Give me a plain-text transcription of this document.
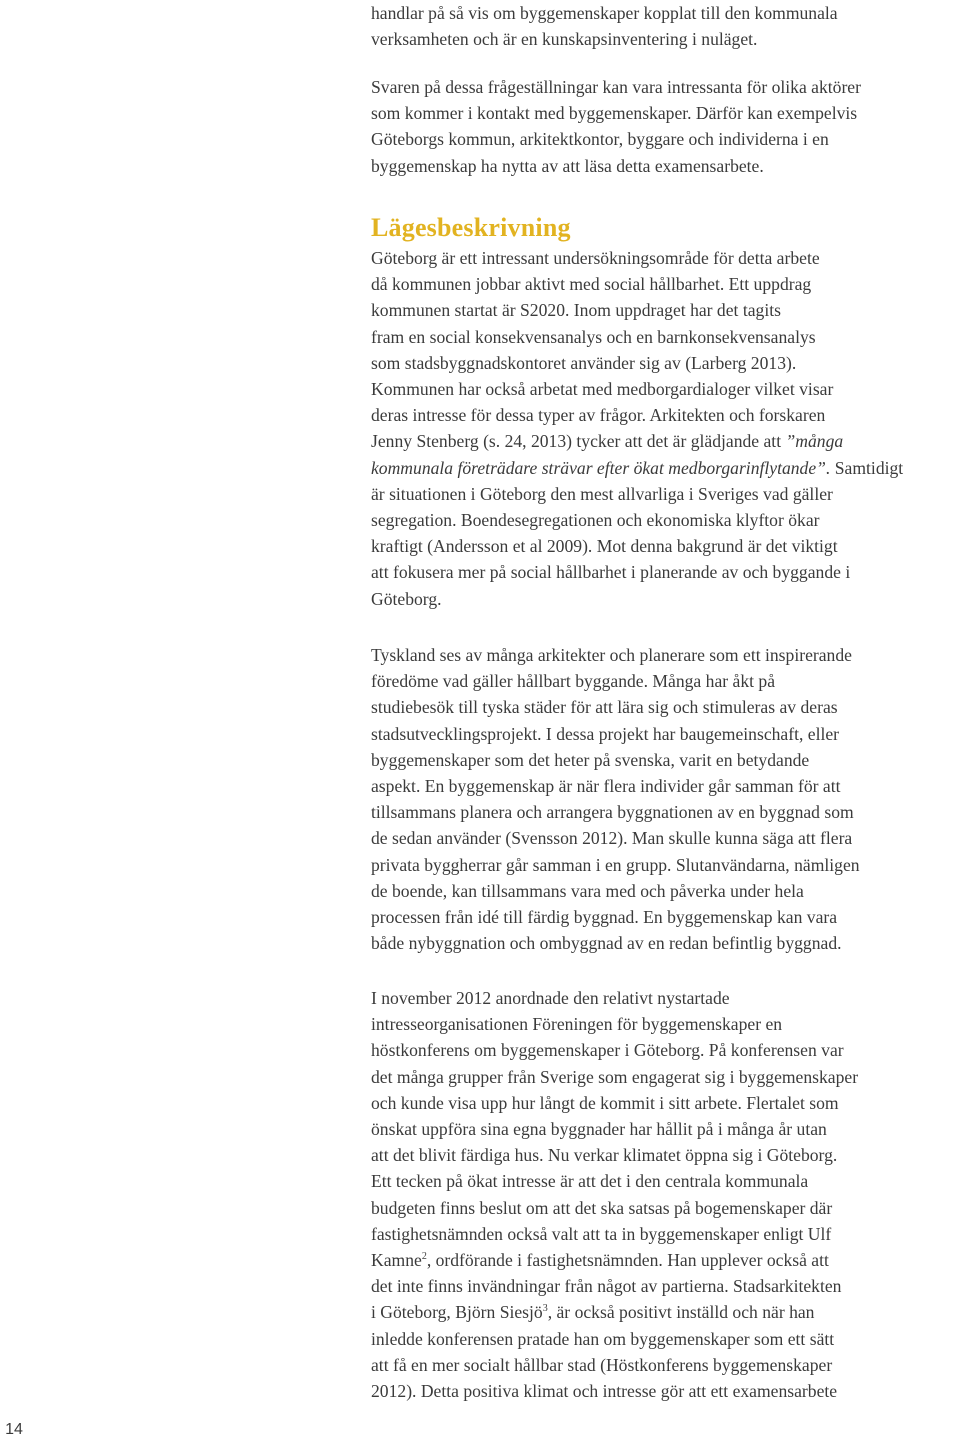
handlar på så vis om byggemenskaper kopplat till den kommunala
verksamheten och är en kunskapsinventering i nuläget.

Svaren på dessa frågeställningar kan vara intressanta för olika aktörer
som kommer i kontakt med byggemenskaper. Därför kan exempelvis
Göteborgs kommun, arkitektkontor, byggare och individerna i en
byggemenskap ha nytta av att läsa detta examensarbete.

Lägesbeskrivning

Göteborg är ett intressant undersökningsområde för detta arbete
då kommunen jobbar aktivt med social hållbarhet. Ett uppdrag
kommunen startat är S2020. Inom uppdraget har det tagits
fram en social konsekvensanalys och en barnkonsekvensanalys
som stadsbyggnadskontoret använder sig av (Larberg 2013).
Kommunen har också arbetat med medborgardialoger vilket visar
deras intresse för dessa typer av frågor. Arkitekten och forskaren
Jenny Stenberg (s. 24, 2013) tycker att det är glädjande att ”många
kommunala företrädare strävar efter ökat medborgarinflytande”. Samtidigt
är situationen i Göteborg den mest allvarliga i Sveriges vad gäller
segregation. Boendesegregationen och ekonomiska klyftor ökar
kraftigt (Andersson et al 2009). Mot denna bakgrund är det viktigt
att fokusera mer på social hållbarhet i planerande av och byggande i
Göteborg.

Tyskland ses av många arkitekter och planerare som ett inspirerande
föredöme vad gäller hållbart byggande. Många har åkt på
studiebesök till tyska städer för att lära sig och stimuleras av deras
stadsutvecklingsprojekt. I dessa projekt har baugemeinschaft, eller
byggemenskaper som det heter på svenska, varit en betydande
aspekt. En byggemenskap är när flera individer går samman för att
tillsammans planera och arrangera byggnationen av en byggnad som
de sedan använder (Svensson 2012). Man skulle kunna säga att flera
privata byggherrar går samman i en grupp. Slutanvändarna, nämligen
de boende, kan tillsammans vara med och påverka under hela
processen från idé till färdig byggnad. En byggemenskap kan vara
både nybyggnation och ombyggnad av en redan befintlig byggnad.

I november 2012 anordnade den relativt nystartade
intresseorganisationen Föreningen för byggemenskaper en
höstkonferens om byggemenskaper i Göteborg. På konferensen var
det många grupper från Sverige som engagerat sig i byggemenskaper
och kunde visa upp hur långt de kommit i sitt arbete. Flertalet som
önskat uppföra sina egna byggnader har hållit på i många år utan
att det blivit färdiga hus. Nu verkar klimatet öppna sig i Göteborg.
Ett tecken på ökat intresse är att det i den centrala kommunala
budgeten finns beslut om att det ska satsas på bogemenskaper där
fastighetsnämnden också valt att ta in byggemenskaper enligt Ulf
Kamne$^2$, ordförande i fastighetsnämnden. Han upplever också att
det inte finns invändningar från något av partierna. Stadsarkitekten
i Göteborg, Björn Siesjö$^3$, är också positivt inställd och när han
inledde konferensen pratade han om byggemenskaper som ett sätt
att få en mer socialt hållbar stad (Höstkonferens byggemenskaper
2012). Detta positiva klimat och intresse gör att ett examensarbete

14
